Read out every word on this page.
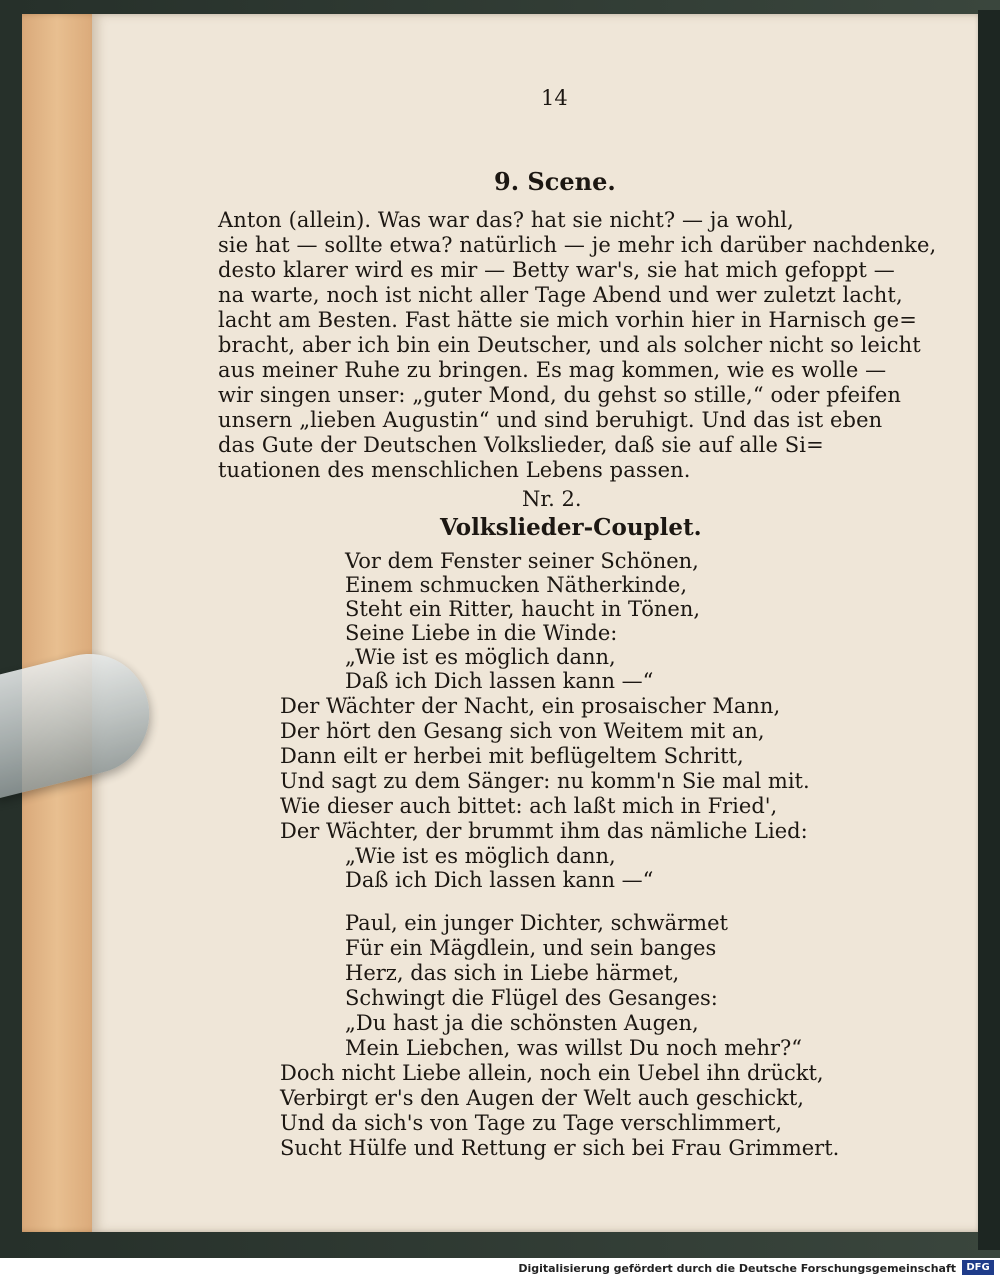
14
9. Scene.
Anton (allein). Was war das? hat sie nicht? — ja wohl,
sie hat — sollte etwa? natürlich — je mehr ich darüber nachdenke,
desto klarer wird es mir — Betty war's, sie hat mich gefoppt —
na warte, noch ist nicht aller Tage Abend und wer zuletzt lacht,
lacht am Besten. Fast hätte sie mich vorhin hier in Harnisch ge=
bracht, aber ich bin ein Deutscher, und als solcher nicht so leicht
aus meiner Ruhe zu bringen. Es mag kommen, wie es wolle —
wir singen unser: „guter Mond, du gehst so stille,“ oder pfeifen
unsern „lieben Augustin“ und sind beruhigt. Und das ist eben
das Gute der Deutschen Volkslieder, daß sie auf alle Si=
tuationen des menschlichen Lebens passen.
Nr. 2.
Volkslieder-Couplet.
Vor dem Fenster seiner Schönen,
Einem schmucken Nätherkinde,
Steht ein Ritter, haucht in Tönen,
Seine Liebe in die Winde:
„Wie ist es möglich dann,
Daß ich Dich lassen kann —“
Der Wächter der Nacht, ein prosaischer Mann,
Der hört den Gesang sich von Weitem mit an,
Dann eilt er herbei mit beflügeltem Schritt,
Und sagt zu dem Sänger: nu komm'n Sie mal mit.
Wie dieser auch bittet: ach laßt mich in Fried',
Der Wächter, der brummt ihm das nämliche Lied:
„Wie ist es möglich dann,
Daß ich Dich lassen kann —“
Paul, ein junger Dichter, schwärmet
Für ein Mägdlein, und sein banges
Herz, das sich in Liebe härmet,
Schwingt die Flügel des Gesanges:
„Du hast ja die schönsten Augen,
Mein Liebchen, was willst Du noch mehr?“
Doch nicht Liebe allein, noch ein Uebel ihn drückt,
Verbirgt er's den Augen der Welt auch geschickt,
Und da sich's von Tage zu Tage verschlimmert,
Sucht Hülfe und Rettung er sich bei Frau Grimmert.
Digitalisierung gefördert durch die Deutsche Forschungsgemeinschaft	DFG
